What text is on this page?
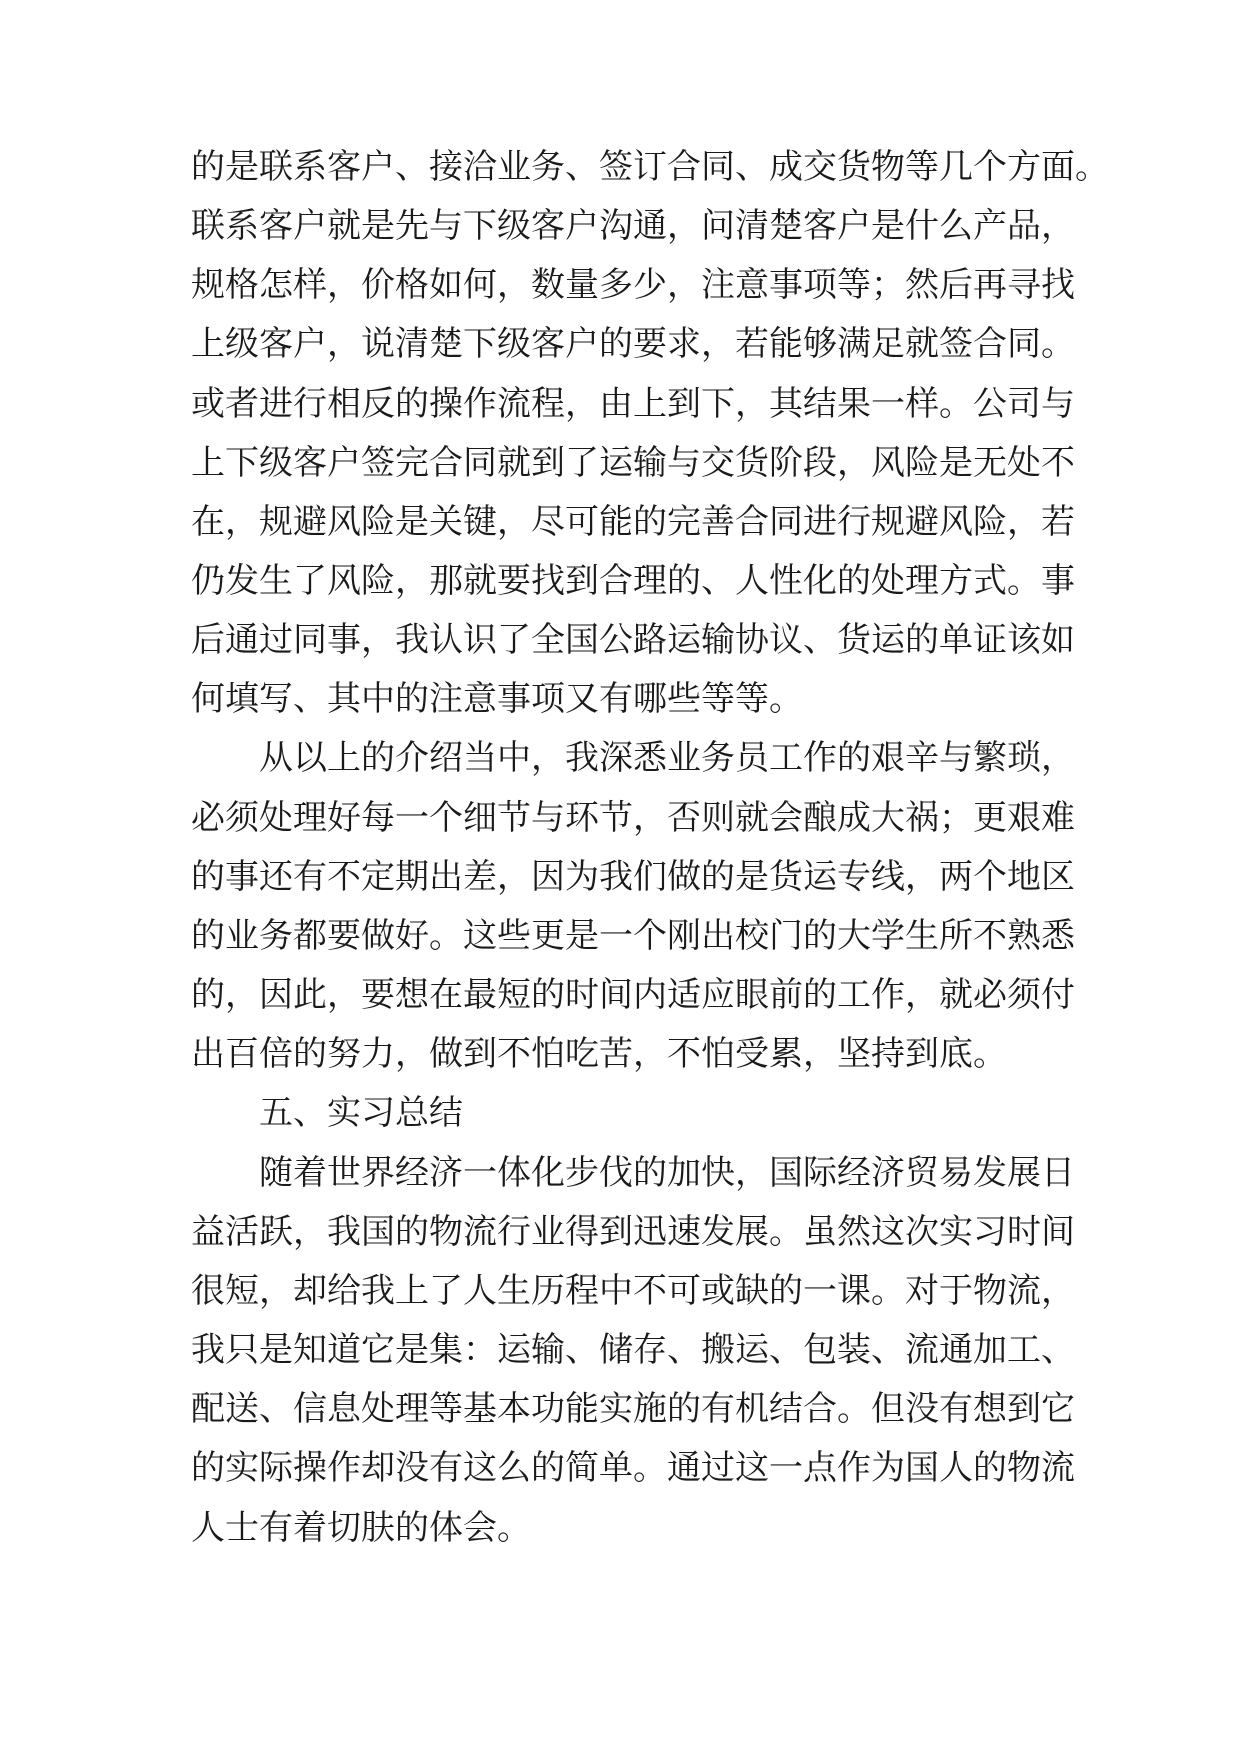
的是联系客户、接洽业务、签订合同、成交货物等几个方面。
联系客户就是先与下级客户沟通，问清楚客户是什么产品，
规格怎样，价格如何，数量多少，注意事项等；然后再寻找
上级客户，说清楚下级客户的要求，若能够满足就签合同。
或者进行相反的操作流程，由上到下，其结果一样。公司与
上下级客户签完合同就到了运输与交货阶段，风险是无处不
在，规避风险是关键，尽可能的完善合同进行规避风险，若
仍发生了风险，那就要找到合理的、人性化的处理方式。事
后通过同事，我认识了全国公路运输协议、货运的单证该如
何填写、其中的注意事项又有哪些等等。
从以上的介绍当中，我深悉业务员工作的艰辛与繁琐，
必须处理好每一个细节与环节，否则就会酿成大祸；更艰难
的事还有不定期出差，因为我们做的是货运专线，两个地区
的业务都要做好。这些更是一个刚出校门的大学生所不熟悉
的，因此，要想在最短的时间内适应眼前的工作，就必须付
出百倍的努力，做到不怕吃苦，不怕受累，坚持到底。
五、实习总结
随着世界经济一体化步伐的加快，国际经济贸易发展日
益活跃，我国的物流行业得到迅速发展。虽然这次实习时间
很短，却给我上了人生历程中不可或缺的一课。对于物流，
我只是知道它是集：运输、储存、搬运、包装、流通加工、
配送、信息处理等基本功能实施的有机结合。但没有想到它
的实际操作却没有这么的简单。通过这一点作为国人的物流
人士有着切肤的体会。
